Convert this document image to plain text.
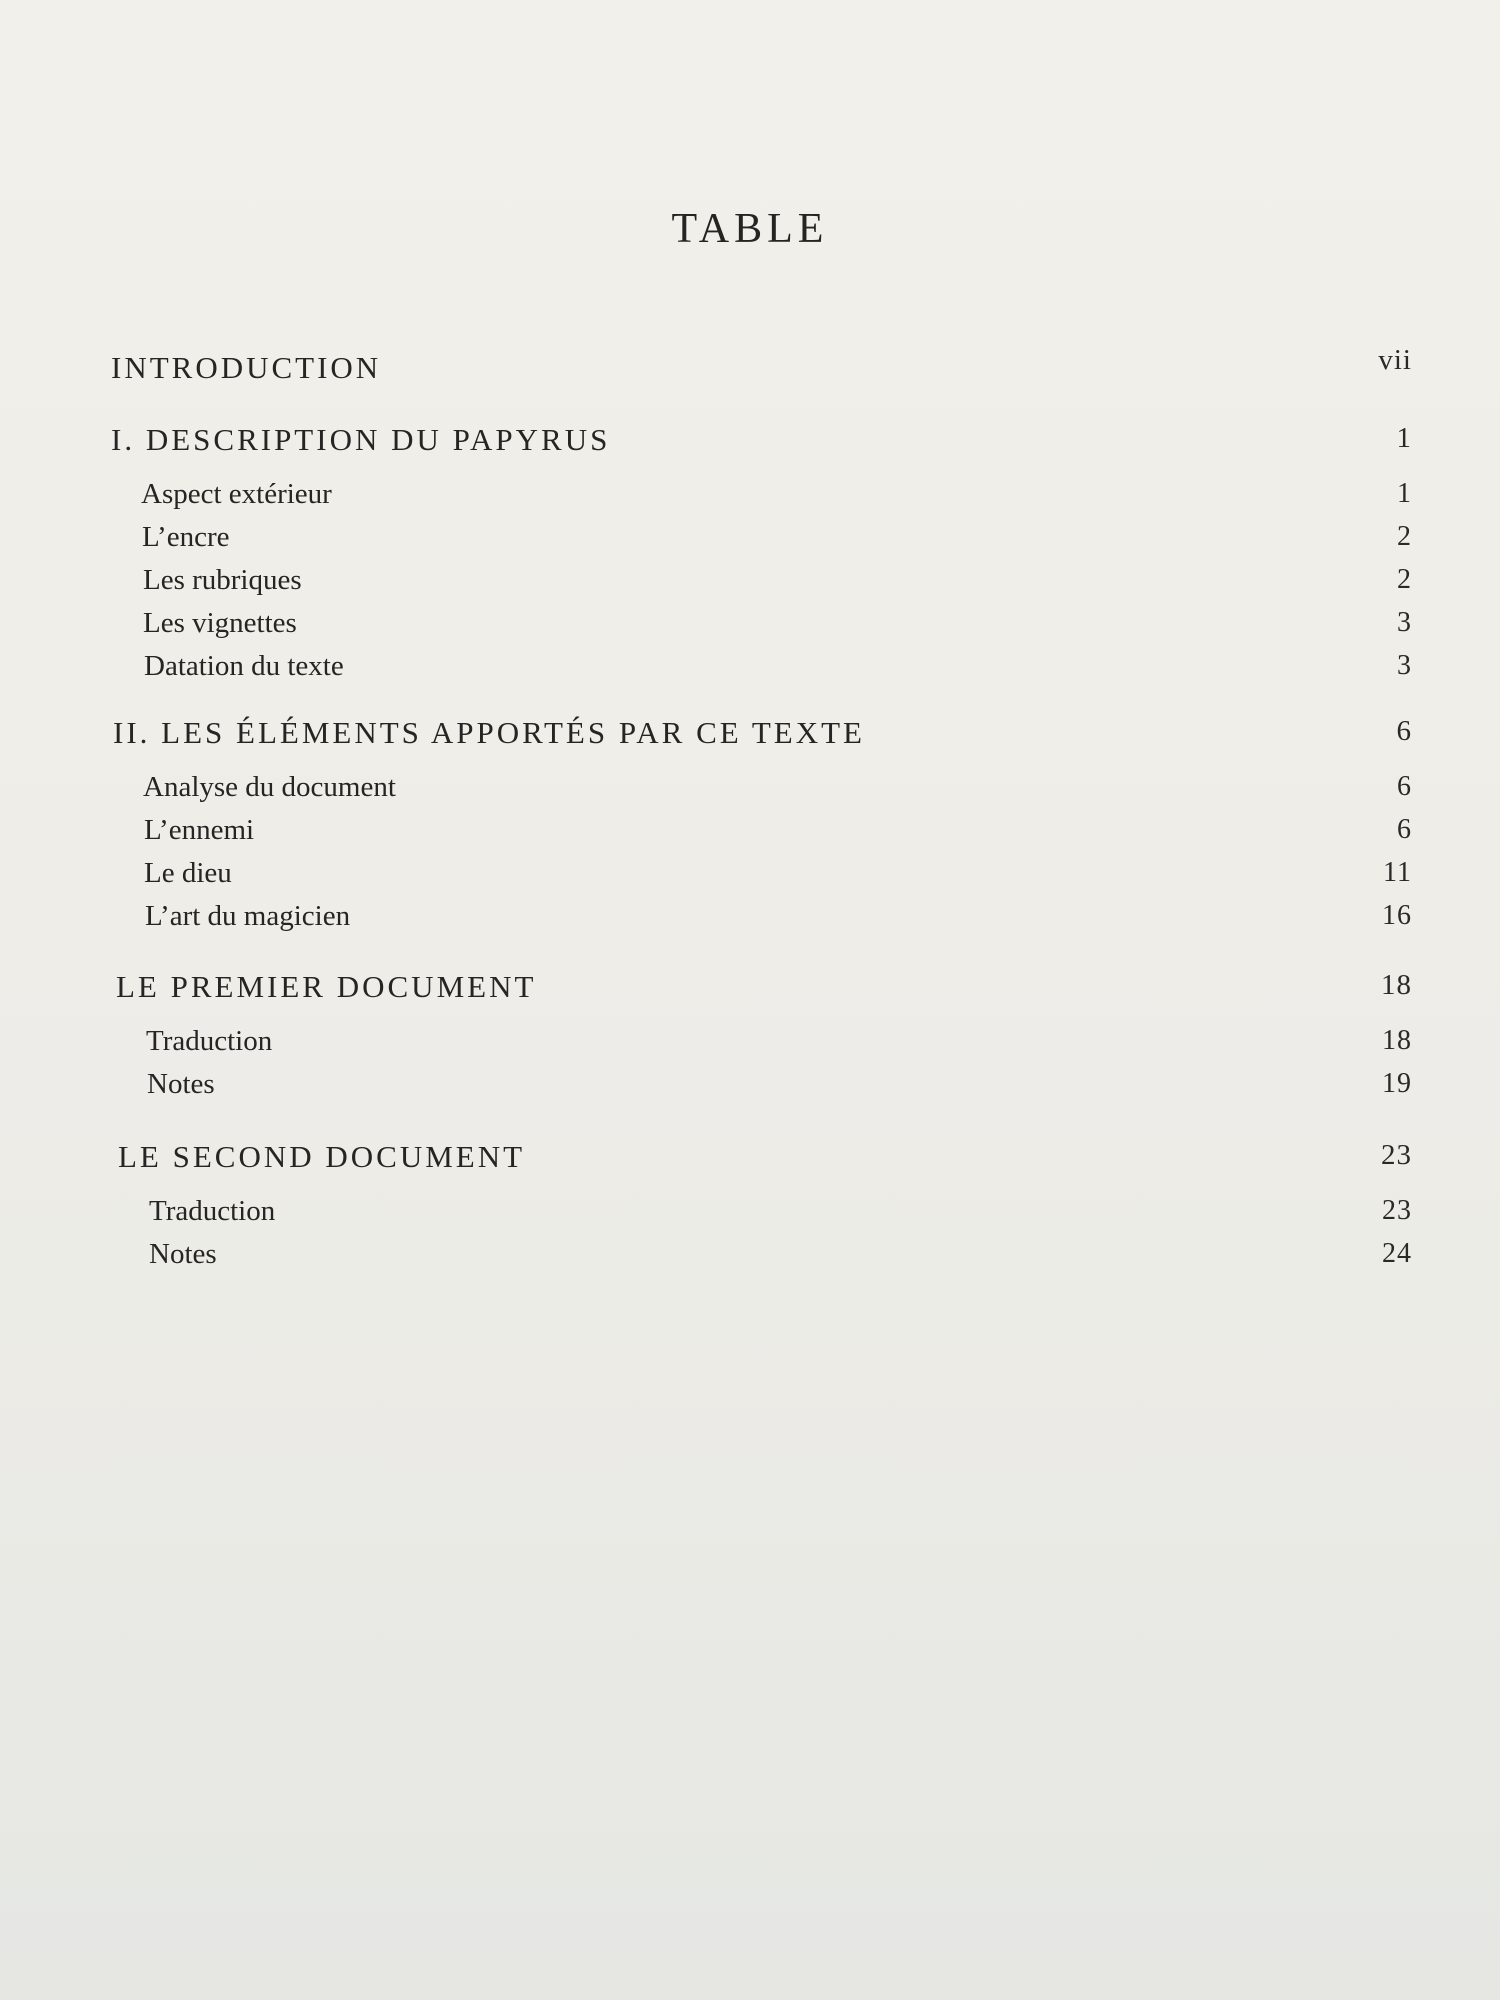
TABLE
INTRODUCTION	vii
I. DESCRIPTION DU PAPYRUS	1
Aspect extérieur	1
L’encre	2
Les rubriques	2
Les vignettes	3
Datation du texte	3
II. LES ÉLÉMENTS APPORTÉS PAR CE TEXTE	6
Analyse du document	6
L’ennemi	6
Le dieu	11
L’art du magicien	16
LE PREMIER DOCUMENT	18
Traduction	18
Notes	19
LE SECOND DOCUMENT	23
Traduction	23
Notes	24
